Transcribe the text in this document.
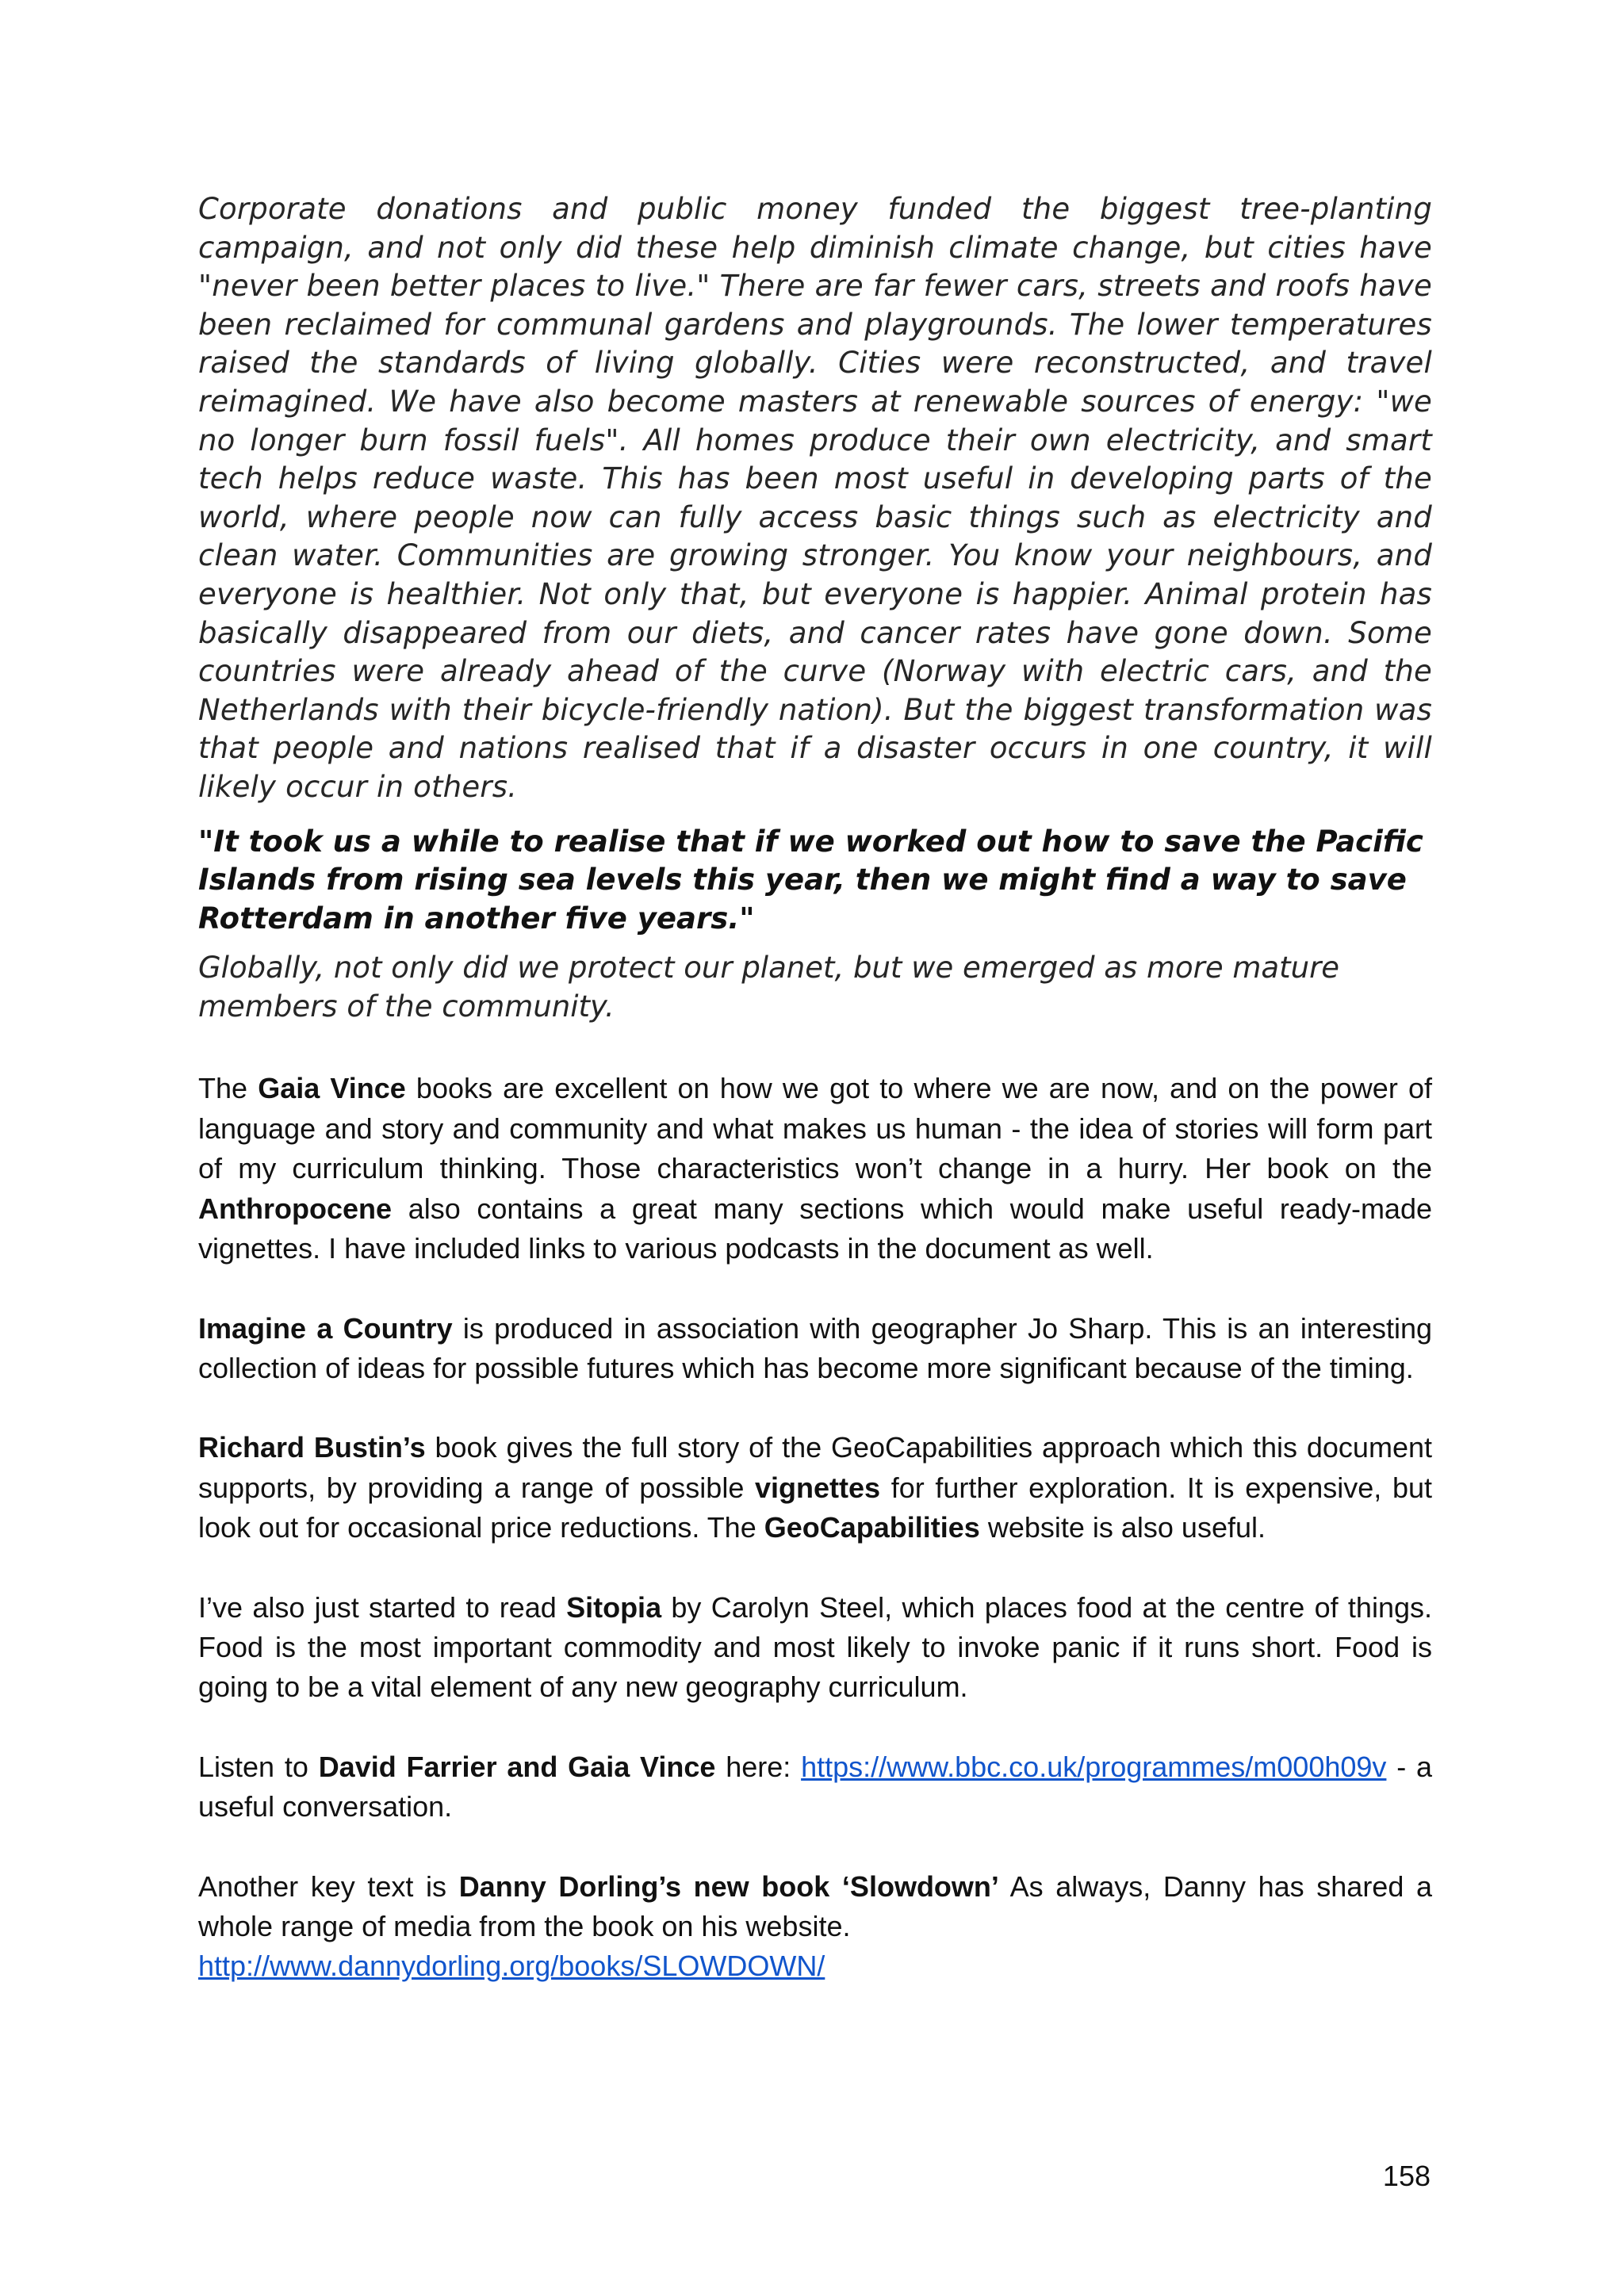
Corporate donations and public money funded the biggest tree-planting campaign, and not only did these help diminish climate change, but cities have "never been better places to live." There are far fewer cars, streets and roofs have been reclaimed for communal gardens and playgrounds. The lower temperatures raised the standards of living globally. Cities were reconstructed, and travel reimagined. We have also become masters at renewable sources of energy: "we no longer burn fossil fuels". All homes produce their own electricity, and smart tech helps reduce waste. This has been most useful in developing parts of the world, where people now can fully access basic things such as electricity and clean water. Communities are growing stronger. You know your neighbours, and everyone is healthier. Not only that, but everyone is happier. Animal protein has basically disappeared from our diets, and cancer rates have gone down. Some countries were already ahead of the curve (Norway with electric cars, and the Netherlands with their bicycle-friendly nation). But the biggest transformation was that people and nations realised that if a disaster occurs in one country, it will likely occur in others.

"It took us a while to realise that if we worked out how to save the Pacific Islands from rising sea levels this year, then we might find a way to save Rotterdam in another five years."

Globally, not only did we protect our planet, but we emerged as more mature members of the community.

The Gaia Vince books are excellent on how we got to where we are now, and on the power of language and story and community and what makes us human - the idea of stories will form part of my curriculum thinking. Those characteristics won’t change in a hurry. Her book on the Anthropocene also contains a great many sections which would make useful ready-made vignettes. I have included links to various podcasts in the document as well.

Imagine a Country is produced in association with geographer Jo Sharp. This is an interesting collection of ideas for possible futures which has become more significant because of the timing.

Richard Bustin’s book gives the full story of the GeoCapabilities approach which this document supports, by providing a range of possible vignettes for further exploration. It is expensive, but look out for occasional price reductions. The GeoCapabilities website is also useful.

I’ve also just started to read Sitopia by Carolyn Steel, which places food at the centre of things. Food is the most important commodity and most likely to invoke panic if it runs short. Food is going to be a vital element of any new geography curriculum.

Listen to David Farrier and Gaia Vince here: https://www.bbc.co.uk/programmes/m000h09v - a useful conversation.

Another key text is Danny Dorling’s new book ‘Slowdown’ As always, Danny has shared a whole range of media from the book on his website.
http://www.dannydorling.org/books/SLOWDOWN/

158
